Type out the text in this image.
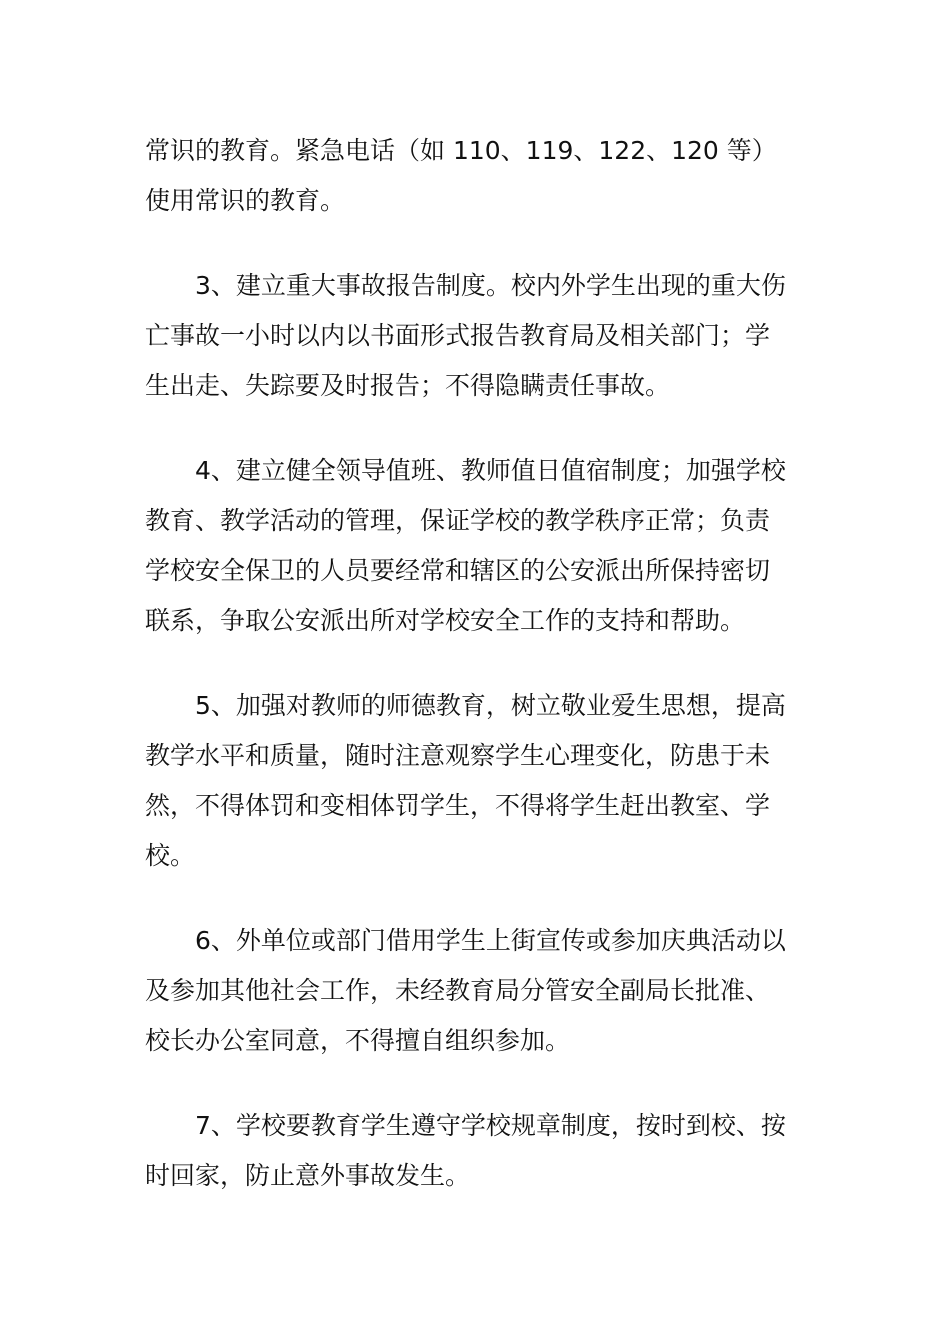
常识的教育。紧急电话（如 110、119、122、120 等）
使用常识的教育。
3、建立重大事故报告制度。校内外学生出现的重大伤
亡事故一小时以内以书面形式报告教育局及相关部门；学
生出走、失踪要及时报告；不得隐瞒责任事故。
4、建立健全领导值班、教师值日值宿制度；加强学校
教育、教学活动的管理，保证学校的教学秩序正常；负责
学校安全保卫的人员要经常和辖区的公安派出所保持密切
联系，争取公安派出所对学校安全工作的支持和帮助。
5、加强对教师的师德教育，树立敬业爱生思想，提高
教学水平和质量，随时注意观察学生心理变化，防患于未
然，不得体罚和变相体罚学生，不得将学生赶出教室、学
校。
6、外单位或部门借用学生上街宣传或参加庆典活动以
及参加其他社会工作，未经教育局分管安全副局长批准、
校长办公室同意，不得擅自组织参加。
7、学校要教育学生遵守学校规章制度，按时到校、按
时回家，防止意外事故发生。
